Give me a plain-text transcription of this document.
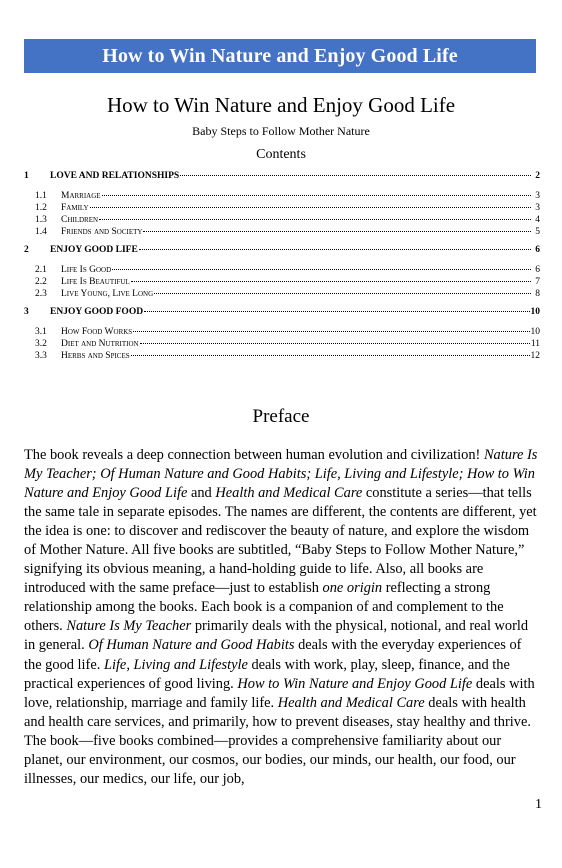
How to Win Nature and Enjoy Good Life
How to Win Nature and Enjoy Good Life
Baby Steps to Follow Mother Nature
Contents
1	LOVE AND RELATIONSHIPS	2
1.1	Marriage	3
1.2	Family	3
1.3	Children	4
1.4	Friends and Society	5
2	ENJOY GOOD LIFE	6
2.1	Life Is Good	6
2.2	Life Is Beautiful	7
2.3	Live Young, Live Long	8
3	ENJOY GOOD FOOD	10
3.1	How Food Works	10
3.2	Diet and Nutrition	11
3.3	Herbs and Spices	12
Preface
The book reveals a deep connection between human evolution and civilization! Nature Is My Teacher; Of Human Nature and Good Habits; Life, Living and Lifestyle; How to Win Nature and Enjoy Good Life and Health and Medical Care constitute a series—that tells the same tale in separate episodes. The names are different, the contents are different, yet the idea is one: to discover and rediscover the beauty of nature, and explore the wisdom of Mother Nature. All five books are subtitled, “Baby Steps to Follow Mother Nature,” signifying its obvious meaning, a hand-holding guide to life. Also, all books are introduced with the same preface—just to establish one origin reflecting a strong relationship among the books. Each book is a companion of and complement to the others. Nature Is My Teacher primarily deals with the physical, notional, and real world in general. Of Human Nature and Good Habits deals with the everyday experiences of the good life. Life, Living and Lifestyle deals with work, play, sleep, finance, and the practical experiences of good living. How to Win Nature and Enjoy Good Life deals with love, relationship, marriage and family life. Health and Medical Care deals with health and health care services, and primarily, how to prevent diseases, stay healthy and thrive. The book—five books combined—provides a comprehensive familiarity about our planet, our environment, our cosmos, our bodies, our minds, our health, our food, our illnesses, our medics, our life, our job,
1
